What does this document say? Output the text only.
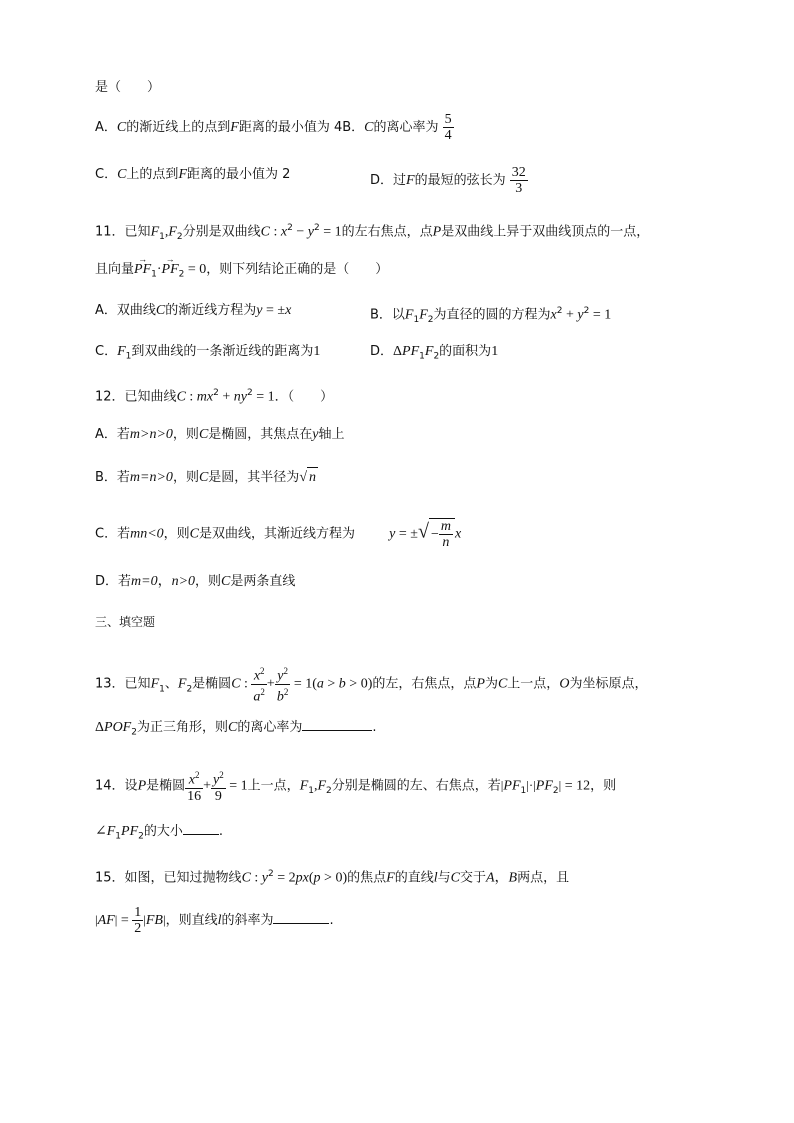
是（　　）
A．C的渐近线上的点到F距离的最小值为 4B．C的离心率为 $\frac{5}{4}$
C．C上的点到F距离的最小值为 2	D．过F的最短的弦长为 $\frac{32}{3}$
11．已知$F_1,F_2$分别是双曲线C : $x^2 - y^2 = 1$的左右焦点，点P是双曲线上异于双曲线顶点的一点，
且向量→ $PF_1\cdot\to PF_2 = 0$，则下列结论正确的是（　　）
A．双曲线C的渐近线方程为y = ±x	B．以$F_1F_2$为直径的圆的方程为$x^2 + y^2 = 1$
C．$F_1$到双曲线的一条渐近线的距离为1	D．$\Delta PF_1F_2$的面积为1
12．已知曲线C : $mx^2 + ny^2 = 1$．（　　）
A．若m>n>0，则C是椭圆，其焦点在y轴上
B．若m=n>0，则C是圆，其半径为√ n
C．若mn<0，则C是双曲线，其渐近线方程为 y = ±√ − $\frac{m}{n}$ x
D．若m=0，n>0，则C是两条直线
三、填空题
13．已知$F_1$、$F_2$是椭圆C : $\frac{x^2}{a^2} + \frac{y^2}{b^2} = 1(a > b > 0)$的左，右焦点，点P为C上一点，O为坐标原点，
$\Delta POF_2$为正三角形，则C的离心率为	.
14．设P是椭圆 $\frac{x^2}{16} + \frac{y^2}{9} = 1$上一点，$F_1,F_2$分别是椭圆的左、右焦点，若$|PF_1|\cdot|PF_2| = 12$，则
$\angle F_1PF_2$的大小	.
15．如图，已知过抛物线C : $y^2 = 2px(p > 0)$的焦点F的直线l与C交于A，B两点，且
$|AF| = \frac{1}{2} |FB|$，则直线l的斜率为	.
